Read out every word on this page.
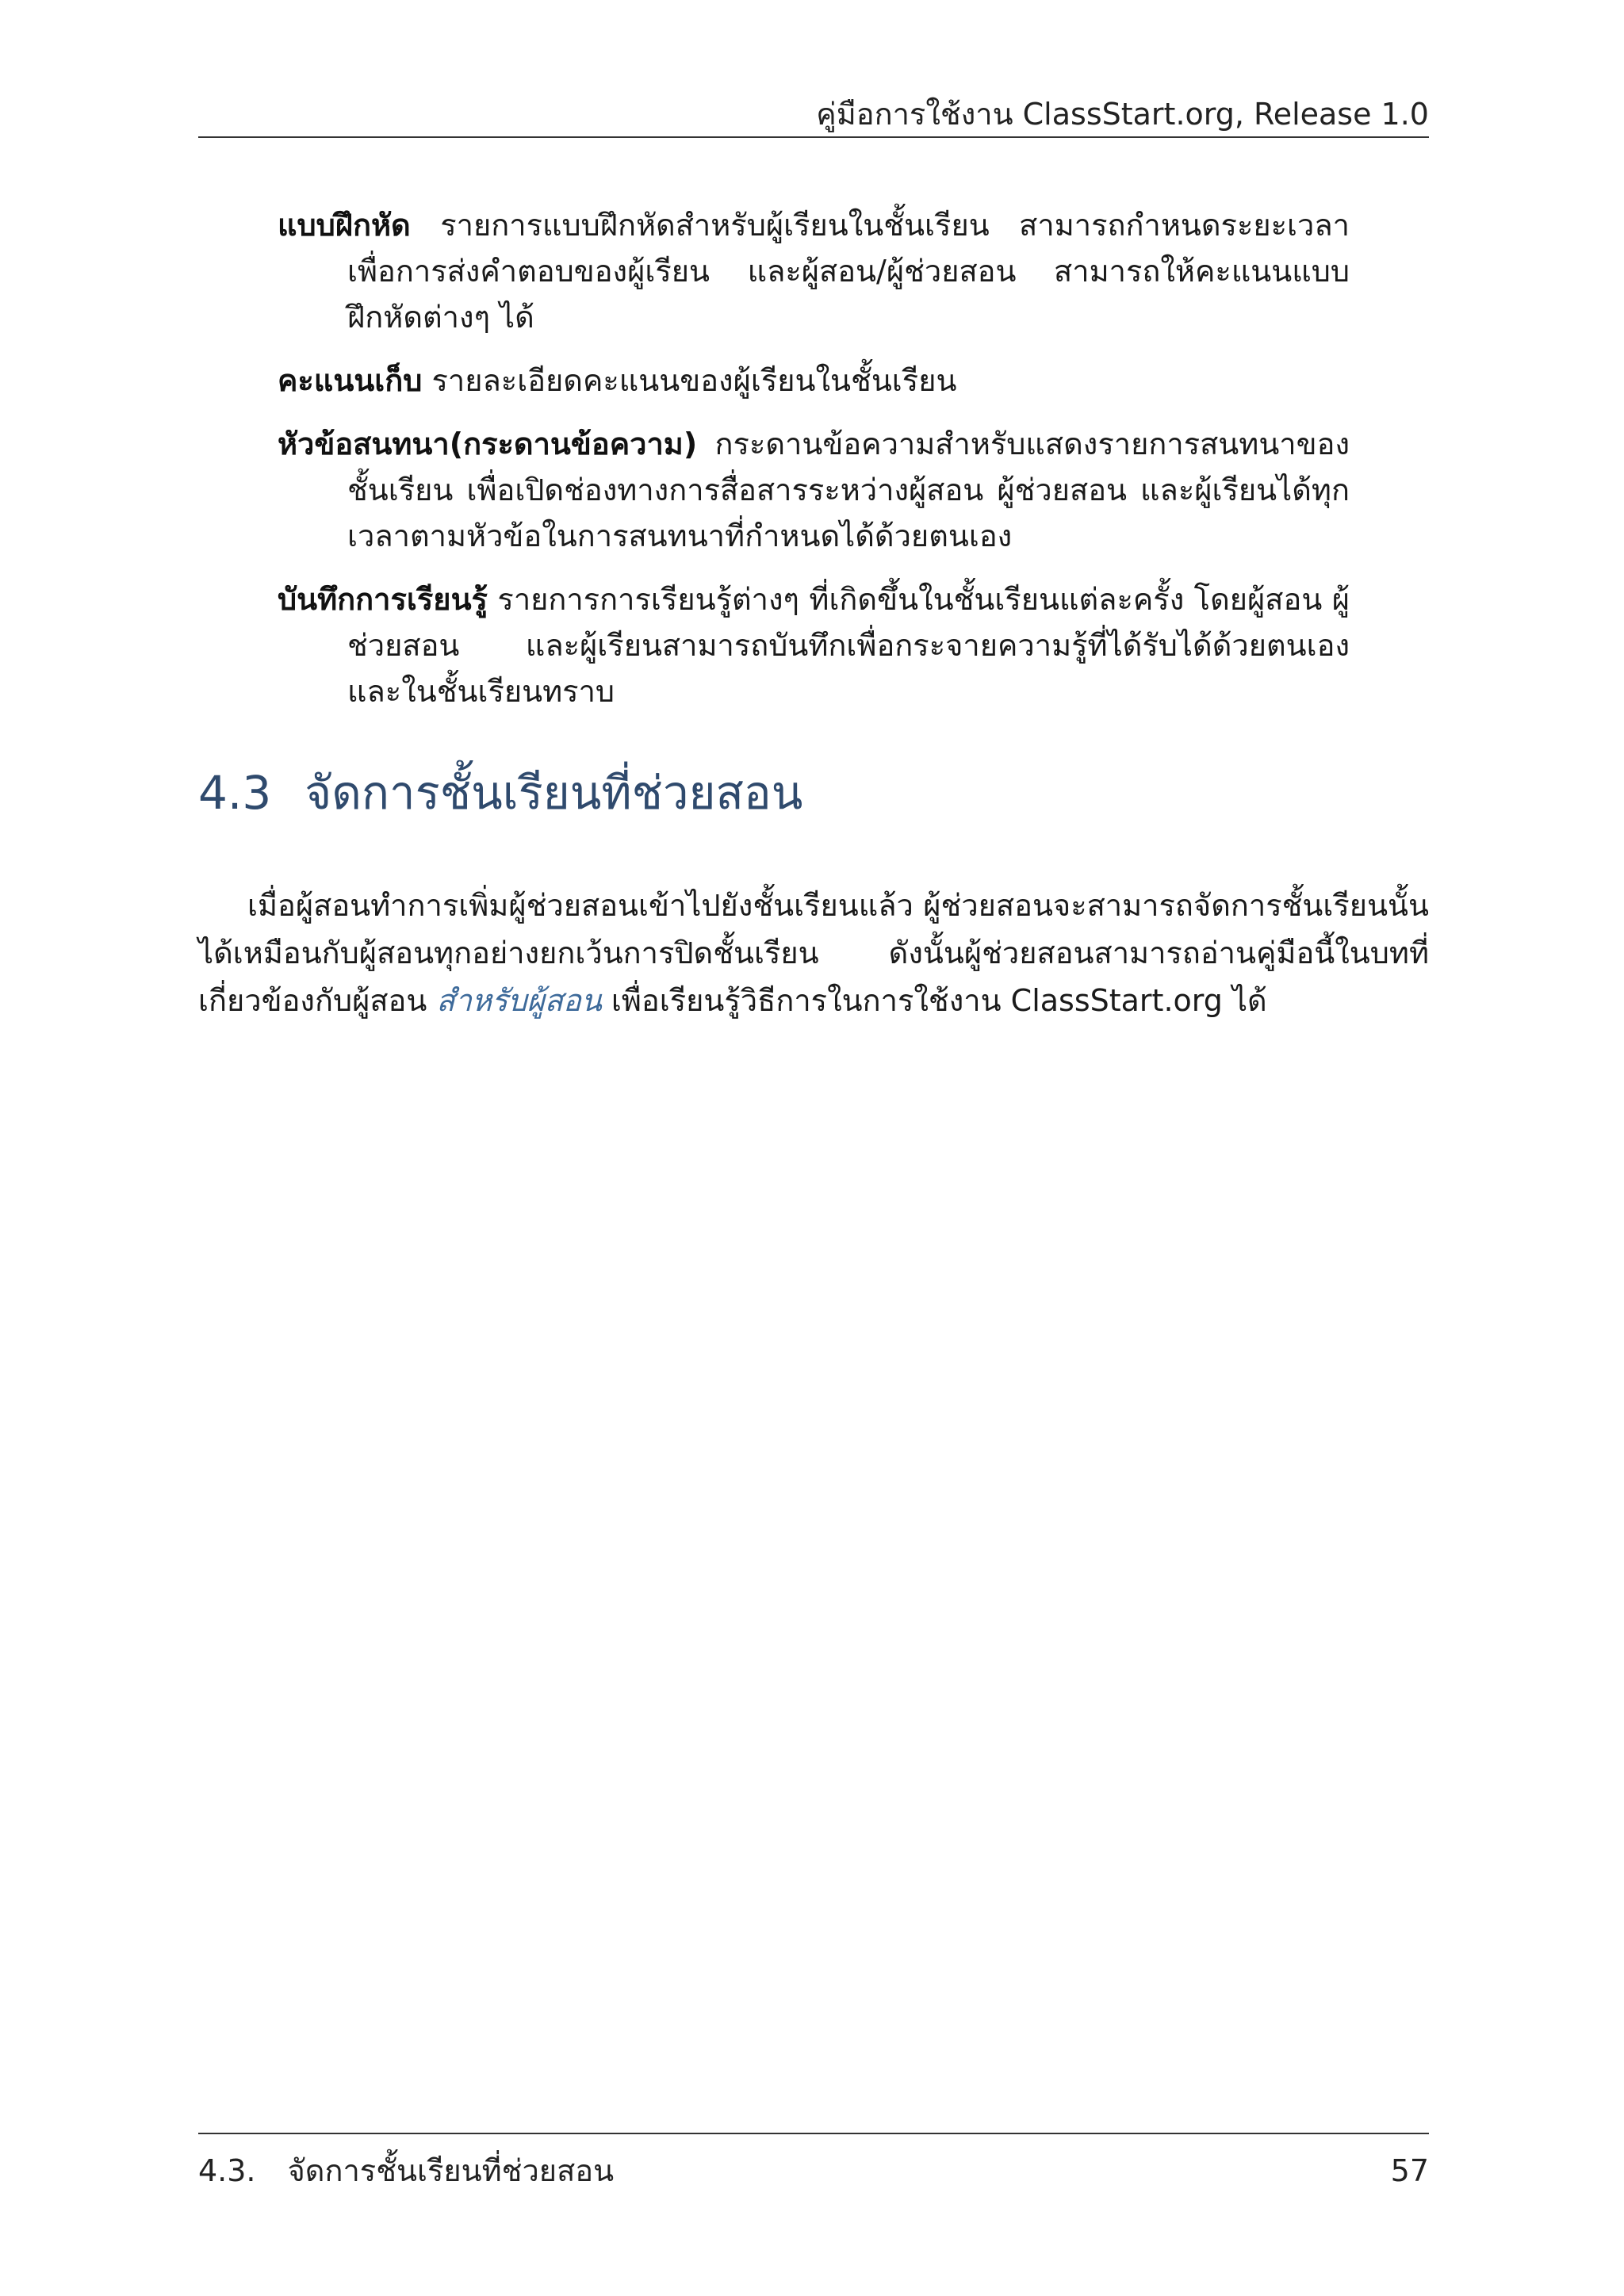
คู่มือการใช้งาน ClassStart.org, Release 1.0

แบบฝึกหัด รายการแบบฝึกหัดสำหรับผู้เรียนในชั้นเรียน สามารถกำหนดระยะเวลาเพื่อการส่งคำตอบของผู้เรียน และผู้สอน/ผู้ช่วยสอน สามารถให้คะแนนแบบฝึกหัดต่างๆ ได้

คะแนนเก็บ รายละเอียดคะแนนของผู้เรียนในชั้นเรียน

หัวข้อสนทนา(กระดานข้อความ) กระดานข้อความสำหรับแสดงรายการสนทนาของชั้นเรียน เพื่อเปิดช่องทางการสื่อสารระหว่างผู้สอน ผู้ช่วยสอน และผู้เรียนได้ทุกเวลาตามหัวข้อในการสนทนาที่กำหนดได้ด้วยตนเอง

บันทึกการเรียนรู้ รายการการเรียนรู้ต่างๆ ที่เกิดขึ้นในชั้นเรียนแต่ละครั้ง โดยผู้สอน ผู้ช่วยสอน และผู้เรียนสามารถบันทึกเพื่อกระจายความรู้ที่ได้รับได้ด้วยตนเอง และในชั้นเรียนทราบ

4.3 จัดการชั้นเรียนที่ช่วยสอน

เมื่อผู้สอนทำการเพิ่มผู้ช่วยสอนเข้าไปยังชั้นเรียนแล้ว ผู้ช่วยสอนจะสามารถจัดการชั้นเรียนนั้นได้เหมือนกับผู้สอนทุกอย่างยกเว้นการปิดชั้นเรียน ดังนั้นผู้ช่วยสอนสามารถอ่านคู่มือนี้ในบทที่เกี่ยวข้องกับผู้สอน สำหรับผู้สอน เพื่อเรียนรู้วิธีการในการใช้งาน ClassStart.org ได้

4.3. จัดการชั้นเรียนที่ช่วยสอน	57
